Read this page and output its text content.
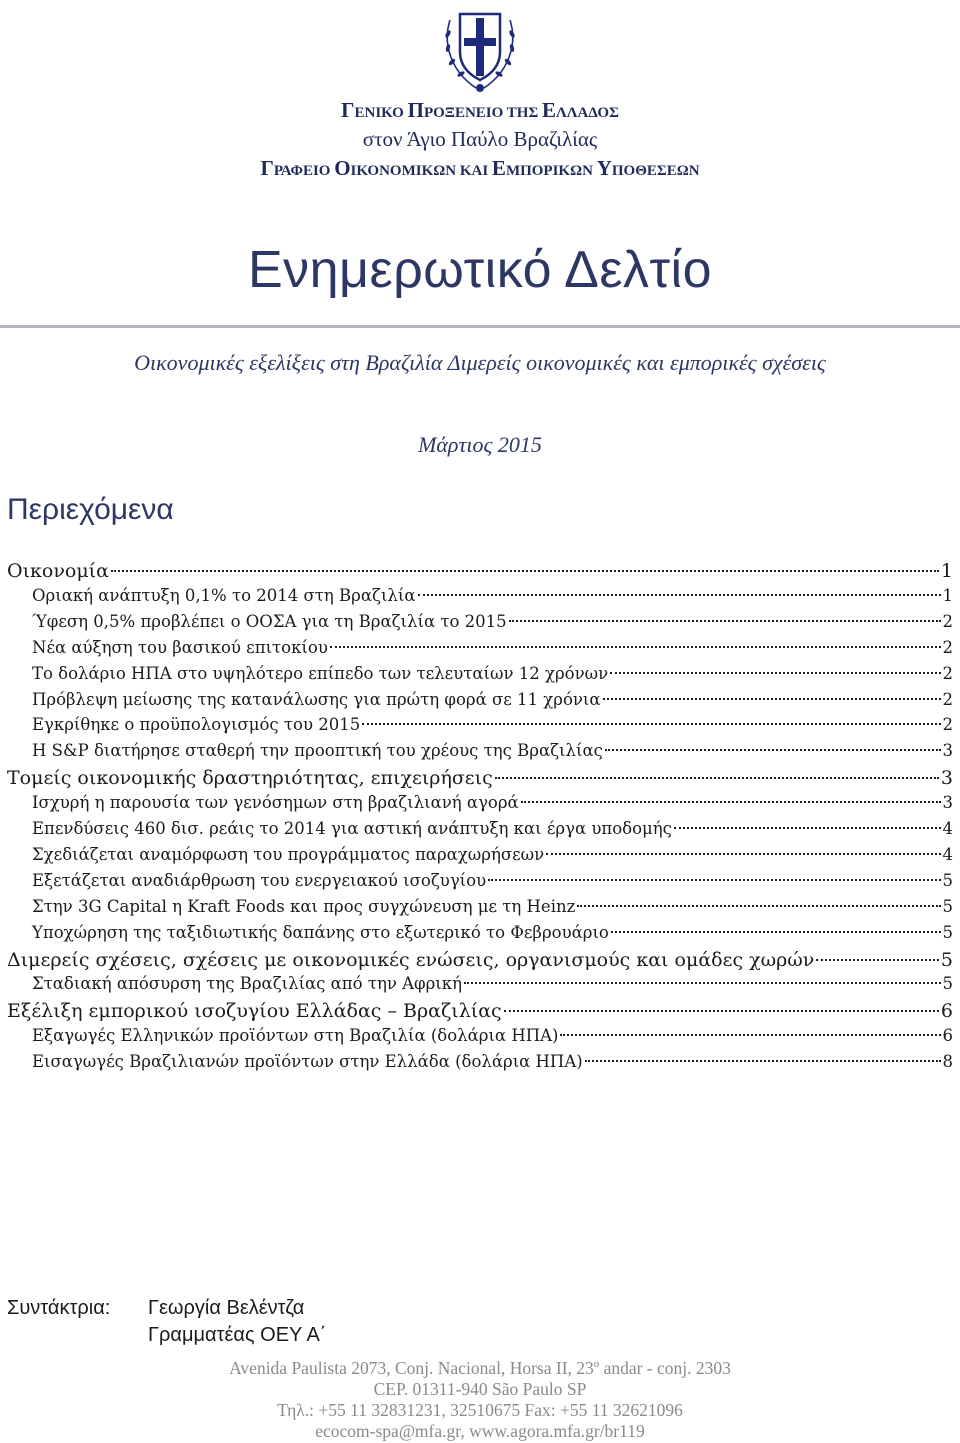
ΓΕΝΙΚΟ ΠΡΟΞΕΝΕΙΟ ΤΗΣ ΕΛΛΑΔΟΣ
στον Άγιο Παύλο Βραζιλίας
ΓΡΑΦΕΙΟ ΟΙΚΟΝΟΜΙΚΩΝ ΚΑΙ ΕΜΠΟΡΙΚΩΝ ΥΠΟΘΕΣΕΩΝ
Ενημερωτικό Δελτίο
Οικονομικές εξελίξεις στη Βραζιλία Διμερείς οικονομικές και εμπορικές σχέσεις
Μάρτιος 2015
Περιεχόμενα
Οικονομία	1
Οριακή ανάπτυξη 0,1% το 2014 στη Βραζιλία	1
Ύφεση 0,5% προβλέπει ο ΟΟΣΑ για τη Βραζιλία το 2015	2
Νέα αύξηση του βασικού επιτοκίου	2
Το δολάριο ΗΠΑ στο υψηλότερο επίπεδο των τελευταίων 12 χρόνων	2
Πρόβλεψη μείωσης της κατανάλωσης για πρώτη φορά σε 11 χρόνια	2
Εγκρίθηκε ο προϋπολογισμός του 2015	2
Η S&P διατήρησε σταθερή την προοπτική του χρέους της Βραζιλίας	3
Τομείς οικονομικής δραστηριότητας, επιχειρήσεις	3
Ισχυρή η παρουσία των γενόσημων στη βραζιλιανή αγορά	3
Επενδύσεις 460 δισ. ρεάις το 2014 για αστική ανάπτυξη και έργα υποδομής	4
Σχεδιάζεται αναμόρφωση του προγράμματος παραχωρήσεων	4
Εξετάζεται αναδιάρθρωση του ενεργειακού ισοζυγίου	5
Στην 3G Capital η Kraft Foods και προς συγχώνευση με τη Heinz	5
Υποχώρηση της ταξιδιωτικής δαπάνης στο εξωτερικό το Φεβρουάριο	5
Διμερείς σχέσεις, σχέσεις με οικονομικές ενώσεις, οργανισμούς και ομάδες χωρών	5
Σταδιακή απόσυρση της Βραζιλίας από την Αφρική	5
Εξέλιξη εμπορικού ισοζυγίου Ελλάδας – Βραζιλίας	6
Εξαγωγές Ελληνικών προϊόντων στη Βραζιλία (δολάρια ΗΠΑ)	6
Εισαγωγές Βραζιλιανών προϊόντων στην Ελλάδα (δολάρια ΗΠΑ)	8
Συντάκτρια: Γεωργία Βελέντζα
Γραμματέας ΟΕΥ Α΄
Avenida Paulista 2073, Conj. Nacional, Horsa II, 23º andar - conj. 2303
CEP. 01311-940 São Paulo SP
Τηλ.: +55 11 32831231, 32510675 Fax: +55 11 32621096
ecocom-spa@mfa.gr, www.agora.mfa.gr/br119
